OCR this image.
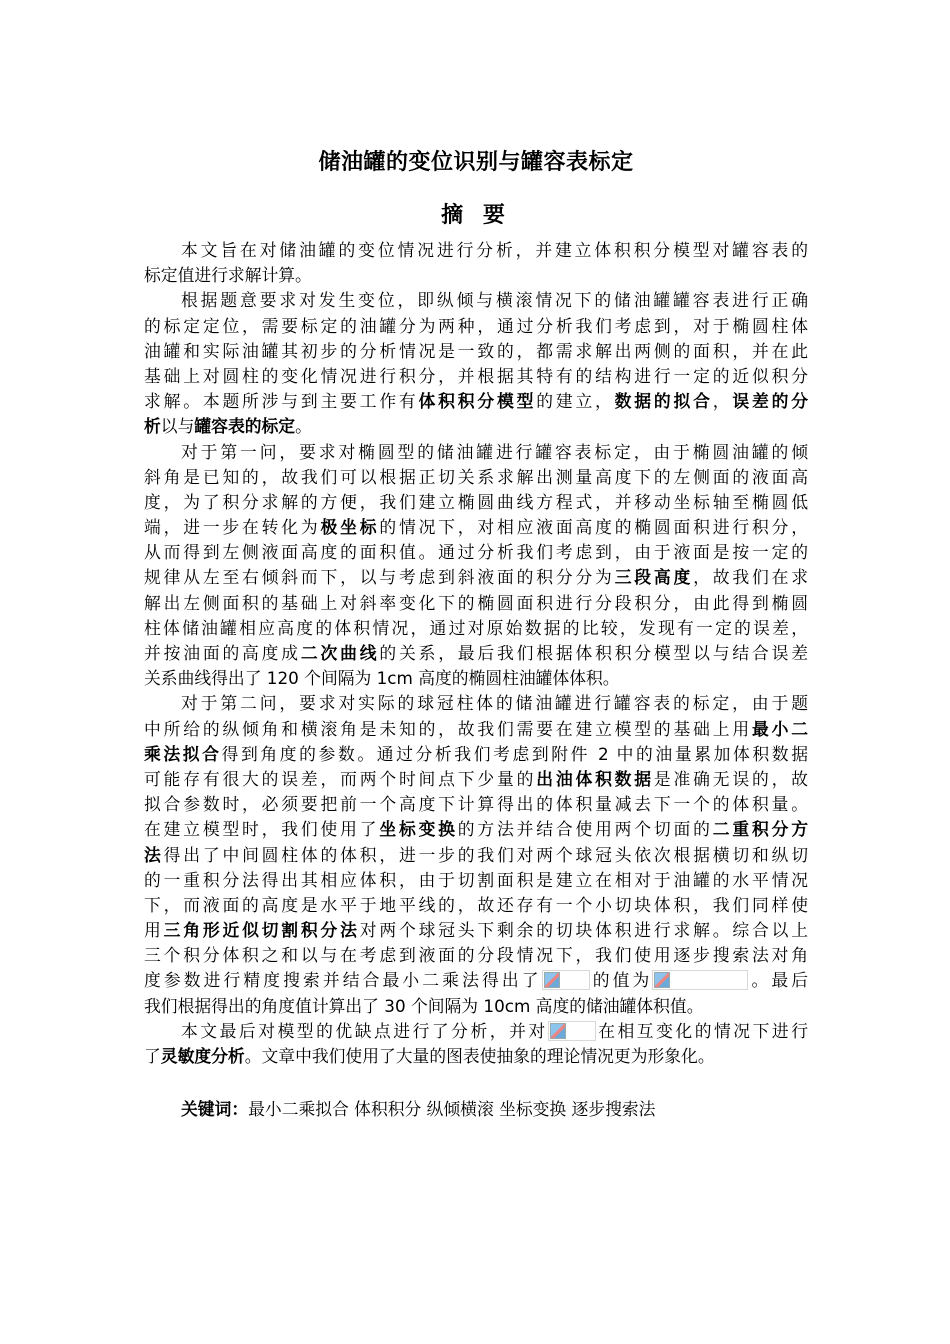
储油罐的变位识别与罐容表标定
摘 要
本文旨在对储油罐的变位情况进行分析，并建立体积积分模型对罐容表的
标定值进行求解计算。
根据题意要求对发生变位，即纵倾与横滚情况下的储油罐罐容表进行正确
的标定定位，需要标定的油罐分为两种，通过分析我们考虑到，对于椭圆柱体
油罐和实际油罐其初步的分析情况是一致的，都需求解出两侧的面积，并在此
基础上对圆柱的变化情况进行积分，并根据其特有的结构进行一定的近似积分
求解。本题所涉与到主要工作有体积积分模型的建立，数据的拟合，误差的分
析以与罐容表的标定。
对于第一问，要求对椭圆型的储油罐进行罐容表标定，由于椭圆油罐的倾
斜角是已知的，故我们可以根据正切关系求解出测量高度下的左侧面的液面高
度，为了积分求解的方便，我们建立椭圆曲线方程式，并移动坐标轴至椭圆低
端，进一步在转化为极坐标的情况下，对相应液面高度的椭圆面积进行积分，
从而得到左侧液面高度的面积值。通过分析我们考虑到，由于液面是按一定的
规律从左至右倾斜而下，以与考虑到斜液面的积分分为三段高度，故我们在求
解出左侧面积的基础上对斜率变化下的椭圆面积进行分段积分，由此得到椭圆
柱体储油罐相应高度的体积情况，通过对原始数据的比较，发现有一定的误差，
并按油面的高度成二次曲线的关系，最后我们根据体积积分模型以与结合误差
关系曲线得出了 120 个间隔为 1cm 高度的椭圆柱油罐体体积。
对于第二问，要求对实际的球冠柱体的储油罐进行罐容表的标定，由于题
中所给的纵倾角和横滚角是未知的，故我们需要在建立模型的基础上用最小二
乘法拟合得到角度的参数。通过分析我们考虑到附件 2 中的油量累加体积数据
可能存有很大的误差，而两个时间点下少量的出油体积数据是准确无误的，故
拟合参数时，必须要把前一个高度下计算得出的体积量减去下一个的体积量。
在建立模型时，我们使用了坐标变换的方法并结合使用两个切面的二重积分方
法得出了中间圆柱体的体积，进一步的我们对两个球冠头依次根据横切和纵切
的一重积分法得出其相应体积，由于切割面积是建立在相对于油罐的水平情况
下，而液面的高度是水平于地平线的，故还存有一个小切块体积，我们同样使
用三角形近似切割积分法对两个球冠头下剩余的切块体积进行求解。综合以上
三个积分体积之和以与在考虑到液面的分段情况下，我们使用逐步搜索法对角
度参数进行精度搜索并结合最小二乘法得出了	的值为	。最后
我们根据得出的角度值计算出了 30 个间隔为 10cm 高度的储油罐体积值。
本文最后对模型的优缺点进行了分析，并对	在相互变化的情况下进行
了灵敏度分析。文章中我们使用了大量的图表使抽象的理论情况更为形象化。
关键词：最小二乘拟合 体积积分 纵倾横滚 坐标变换 逐步搜索法
